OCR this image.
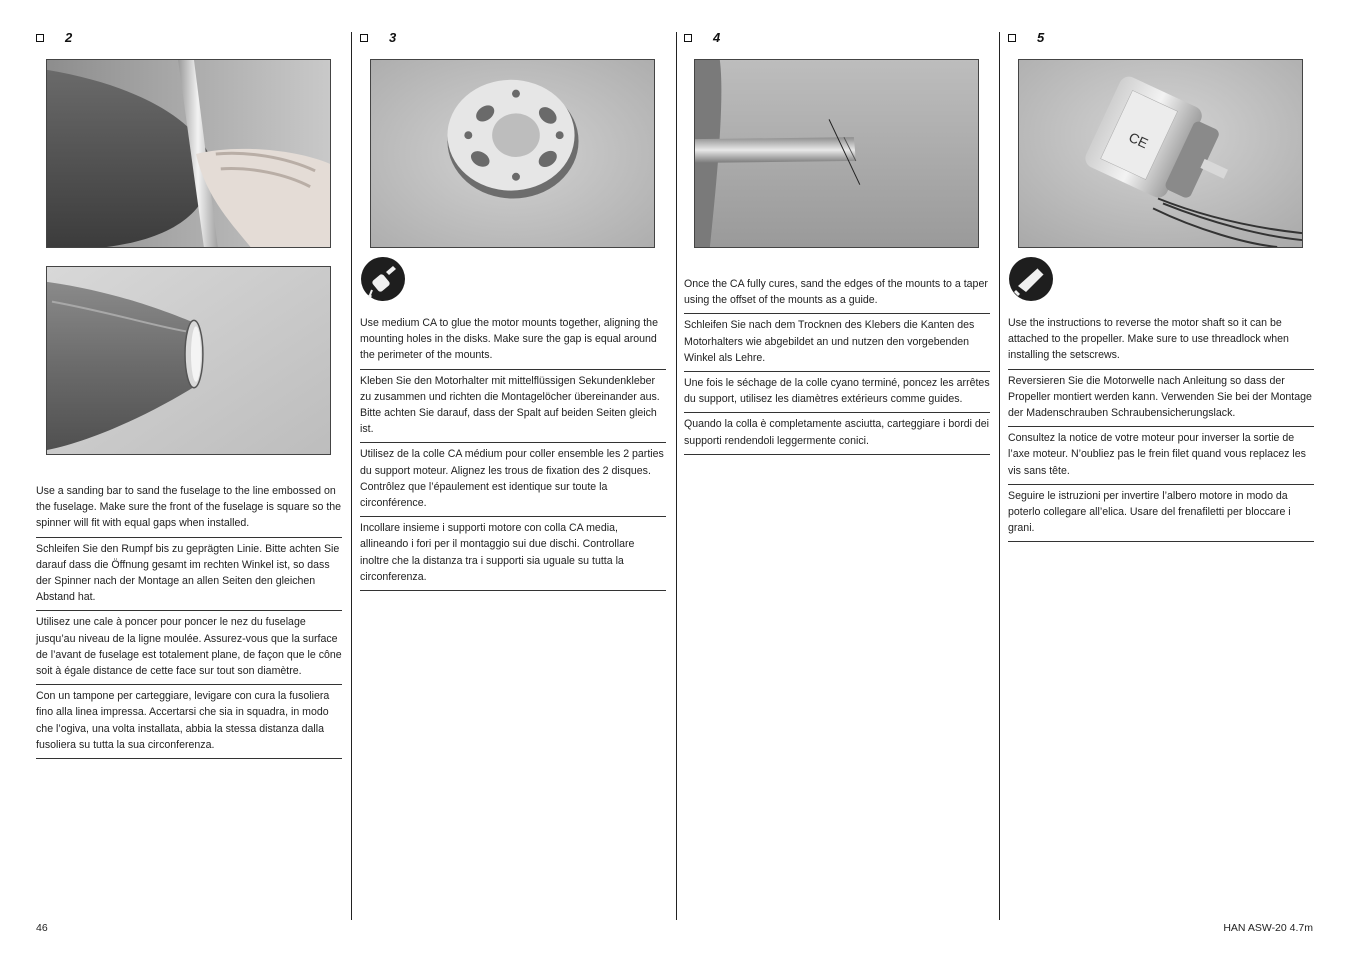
2
Use a sanding bar to sand the fuselage to the line embossed on the fuselage. Make sure the front of the fuselage is square so the spinner will fit with equal gaps when installed.
Schleifen Sie den Rumpf bis zu geprägten Linie. Bitte achten Sie darauf dass die Öffnung gesamt im rechten Winkel ist, so dass der Spinner nach der Montage an allen Seiten den gleichen Abstand hat.
Utilisez une cale à poncer pour poncer le nez du fuselage jusqu’au niveau de la ligne moulée. Assurez-vous que la surface de l’avant de fuselage est totalement plane, de façon que le cône soit à égale distance de cette face sur tout son diamètre.
Con un tampone per carteggiare, levigare con cura la fusoliera fino alla linea impressa. Accertarsi che sia in squadra, in modo che l’ogiva, una volta installata, abbia la stessa distanza dalla fusoliera su tutta la sua circonferenza.
3
Use medium CA to glue the motor mounts together, aligning the mounting holes in the disks. Make sure the gap is equal around the perimeter of the mounts.
Kleben Sie den Motorhalter mit mittelflüssigen Sekundenkleber zu zusammen und richten die Montagelöcher übereinander aus. Bitte achten Sie darauf, dass der Spalt auf beiden Seiten gleich ist.
Utilisez de la colle CA médium pour coller ensemble les 2 parties du support moteur. Alignez les trous de fixation des 2 disques. Contrôlez que l’épaulement est identique sur toute la circonférence.
Incollare insieme i supporti motore con colla CA media, allineando i fori per il montaggio sui due dischi. Controllare inoltre che la distanza tra i supporti sia uguale su tutta la circonferenza.
4
Once the CA fully cures, sand the edges of the mounts to a taper using the offset of the mounts as a guide.
Schleifen Sie nach dem Trocknen des Klebers die Kanten des Motorhalters wie abgebildet an und nutzen den vorgebenden Winkel als Lehre.
Une fois le séchage de la colle cyano terminé, poncez les arrêtes du support, utilisez les diamètres extérieurs comme guides.
Quando la colla è completamente asciutta, carteggiare i bordi dei supporti rendendoli leggermente conici.
5
CE
Use the instructions to reverse the motor shaft so it can be attached to the propeller. Make sure to use threadlock when installing the setscrews.
Reversieren Sie die Motorwelle nach Anleitung so dass der Propeller montiert werden kann. Verwenden Sie bei der Montage der Madenschrauben Schraubensicherungslack.
Consultez la notice de votre moteur pour inverser la sortie de l’axe moteur. N’oubliez pas le frein filet quand vous replacez les vis sans tête.
Seguire le istruzioni per invertire l’albero motore in modo da poterlo collegare all’elica. Usare del frenafiletti per bloccare i grani.
46	HAN ASW-20 4.7m
